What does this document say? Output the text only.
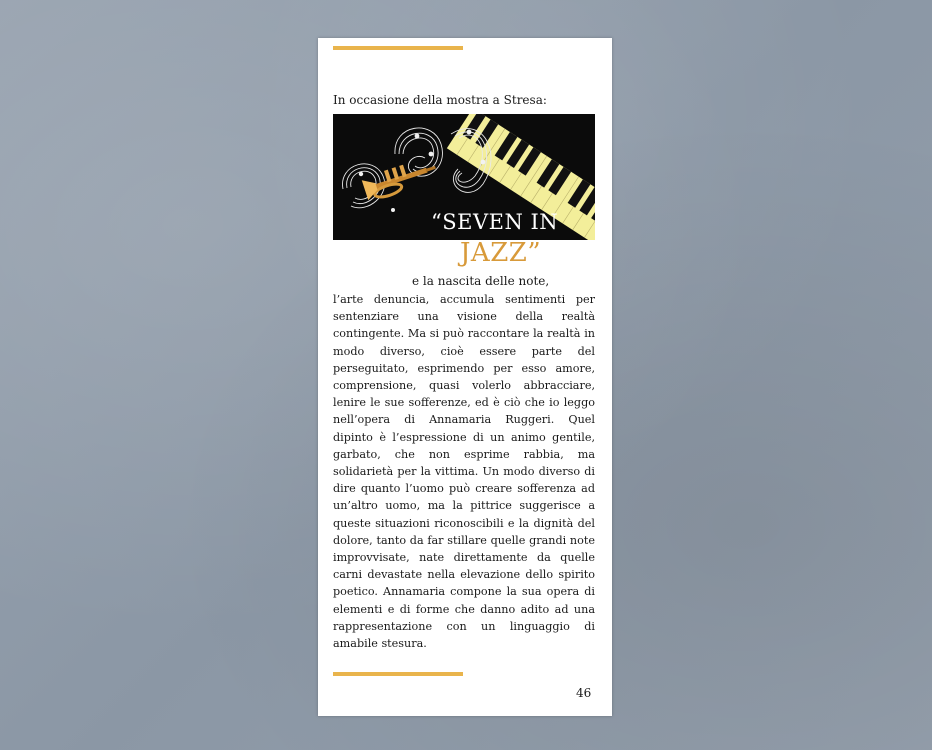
In occasione della mostra a Stresa:
“SEVEN IN
JAZZ”
e la nascita delle note,

l’arte denuncia, accumula sentimenti per sentenziare una visione della realtà contingente. Ma si può raccontare la realtà in modo diverso, cioè essere parte del perseguitato, esprimendo per esso amore, comprensione, quasi volerlo abbracciare, lenire le sue sofferenze, ed è ciò che io leggo nell’opera di Annamaria Ruggeri. Quel dipinto è l’espressione di un animo gentile, garbato, che non esprime rabbia, ma solidarietà per la vittima. Un modo diverso di dire quanto l’uomo può creare sofferenza ad un’altro uomo, ma la pittrice suggerisce a queste situazioni riconoscibili e la dignità del dolore, tanto da far stillare quelle grandi note improvvisate, nate direttamente da quelle carni devastate nella elevazione dello spirito poetico. Annamaria compone la sua opera di elementi e di forme che danno adito ad una rappresentazione con un linguaggio di amabile stesura.

46
